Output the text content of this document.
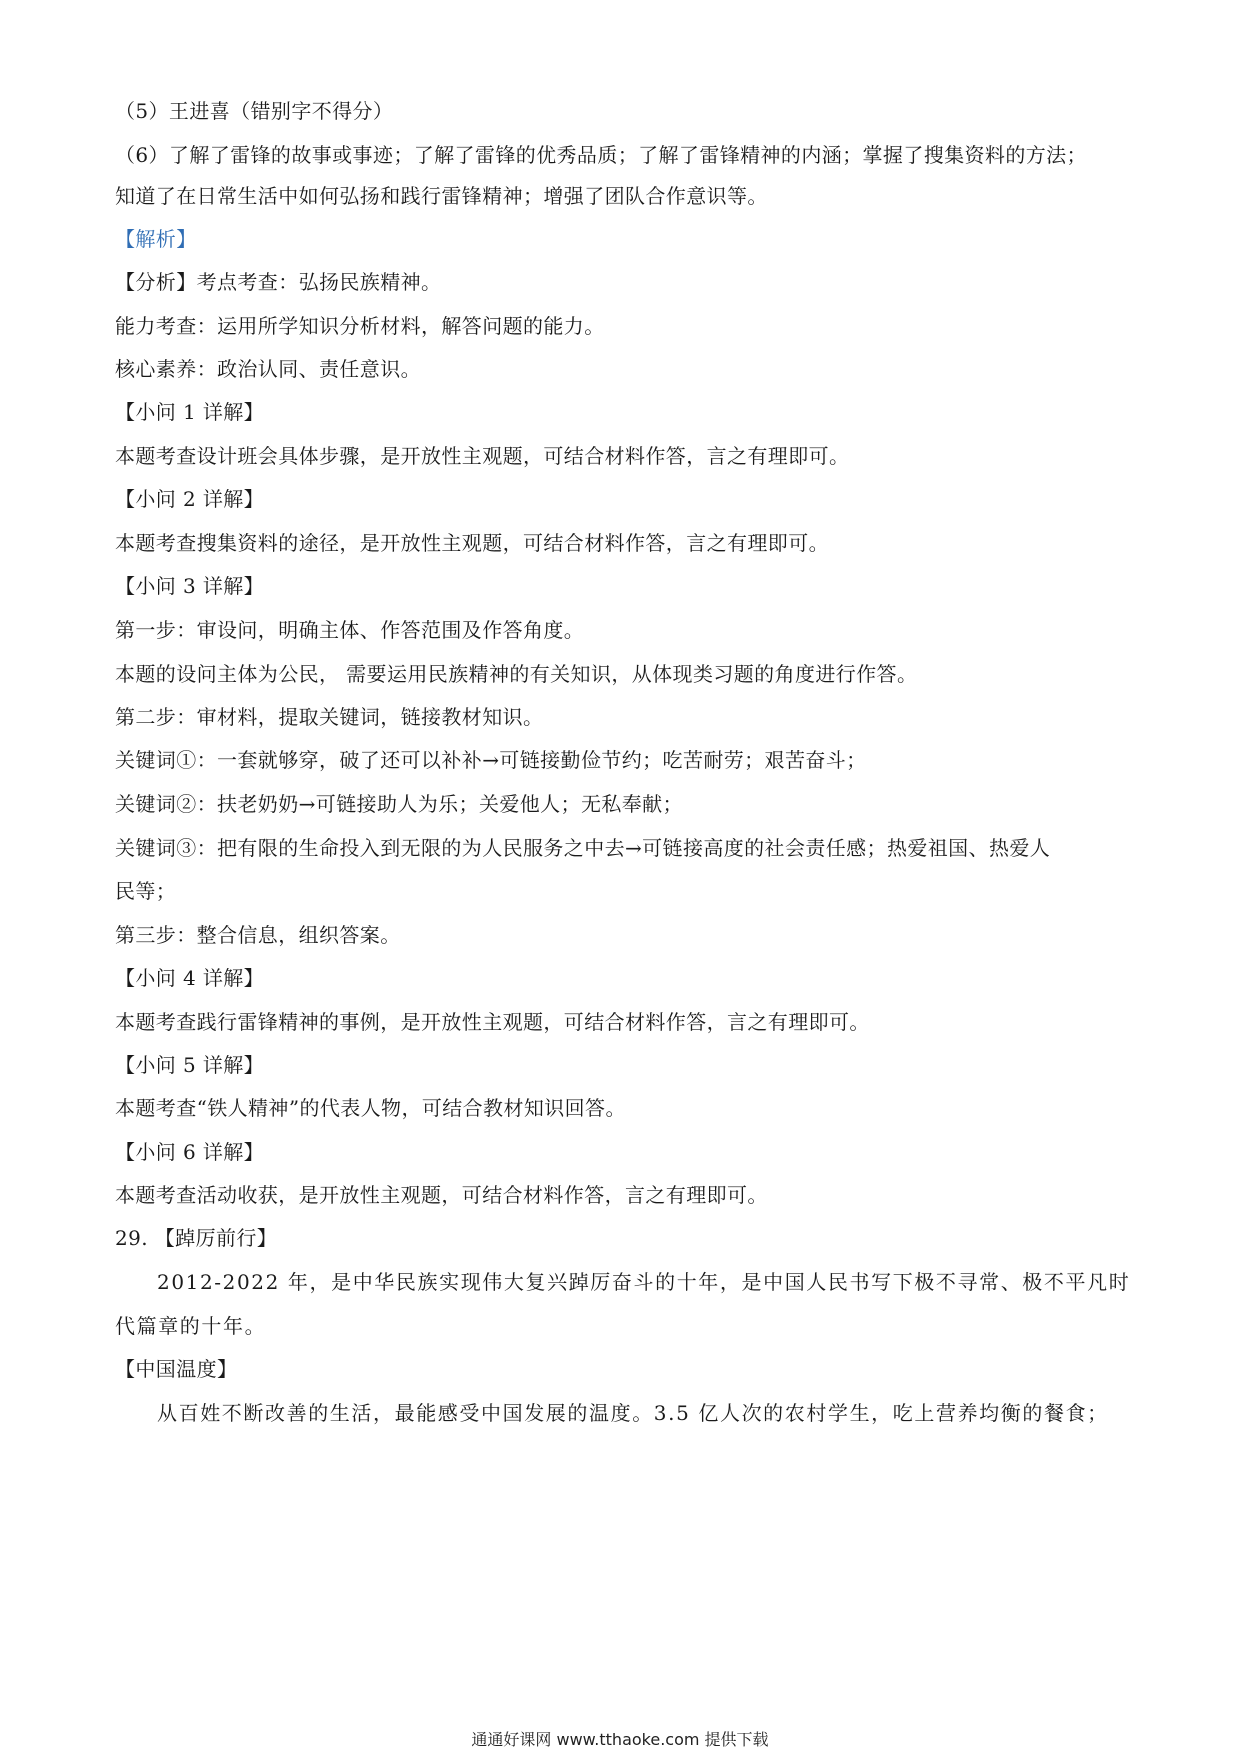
（5）王进喜（错别字不得分）
（6）了解了雷锋的故事或事迹；了解了雷锋的优秀品质；了解了雷锋精神的内涵；掌握了搜集资料的方法；
知道了在日常生活中如何弘扬和践行雷锋精神；增强了团队合作意识等。
【解析】
【分析】考点考查：弘扬民族精神。
能力考查：运用所学知识分析材料，解答问题的能力。
核心素养：政治认同、责任意识。
【小问 1 详解】
本题考查设计班会具体步骤，是开放性主观题，可结合材料作答，言之有理即可。
【小问 2 详解】
本题考查搜集资料的途径，是开放性主观题，可结合材料作答，言之有理即可。
【小问 3 详解】
第一步：审设问，明确主体、作答范围及作答角度。
本题的设问主体为公民， 需要运用民族精神的有关知识，从体现类习题的角度进行作答。
第二步：审材料，提取关键词，链接教材知识。
关键词①：一套就够穿，破了还可以补补→可链接勤俭节约；吃苦耐劳；艰苦奋斗；
关键词②：扶老奶奶→可链接助人为乐；关爱他人；无私奉献；
关键词③：把有限的生命投入到无限的为人民服务之中去→可链接高度的社会责任感；热爱祖国、热爱人
民等；
第三步：整合信息，组织答案。
【小问 4 详解】
本题考查践行雷锋精神的事例，是开放性主观题，可结合材料作答，言之有理即可。
【小问 5 详解】
本题考查“铁人精神”的代表人物，可结合教材知识回答。
【小问 6 详解】
本题考查活动收获，是开放性主观题，可结合材料作答，言之有理即可。
29. 【踔厉前行】
2012-2022 年，是中华民族实现伟大复兴踔厉奋斗的十年，是中国人民书写下极不寻常、极不平凡时
代篇章的十年。
【中国温度】
从百姓不断改善的生活，最能感受中国发展的温度。3.5 亿人次的农村学生，吃上营养均衡的餐食；
通通好课网 www.tthaoke.com 提供下载
